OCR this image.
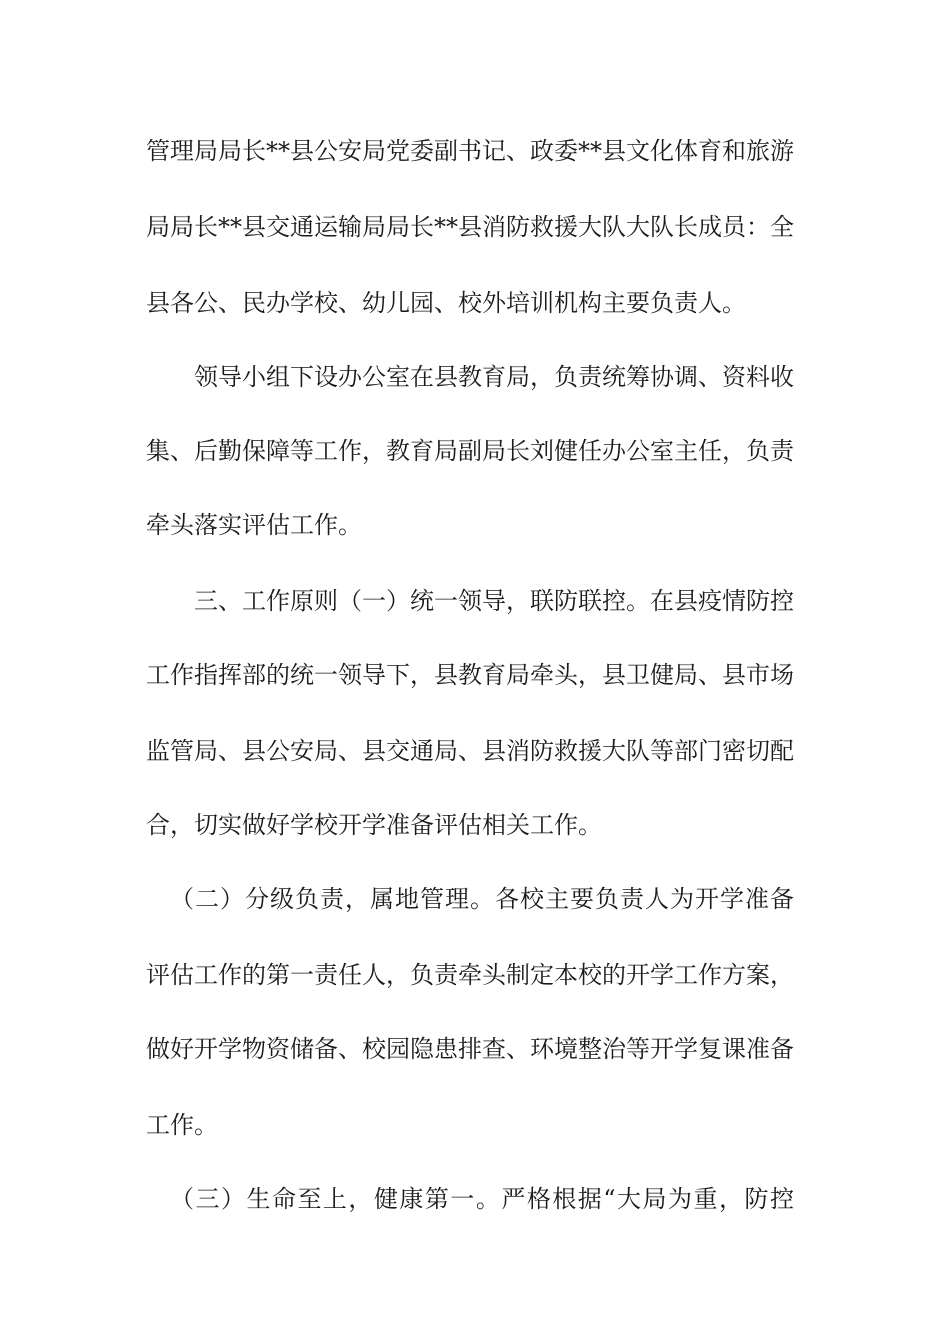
管理局局长**县公安局党委副书记、政委**县文化体育和旅游
局局长**县交通运输局局长**县消防救援大队大队长成员：全
县各公、民办学校、幼儿园、校外培训机构主要负责人。
领导小组下设办公室在县教育局，负责统筹协调、资料收
集、后勤保障等工作，教育局副局长刘健任办公室主任，负责
牵头落实评估工作。
三、工作原则（一）统一领导，联防联控。在县疫情防控
工作指挥部的统一领导下，县教育局牵头，县卫健局、县市场
监管局、县公安局、县交通局、县消防救援大队等部门密切配
合，切实做好学校开学准备评估相关工作。
（二）分级负责，属地管理。各校主要负责人为开学准备
评估工作的第一责任人，负责牵头制定本校的开学工作方案，
做好开学物资储备、校园隐患排查、环境整治等开学复课准备
工作。
（三）生命至上，健康第一。严格根据“大局为重，防控
